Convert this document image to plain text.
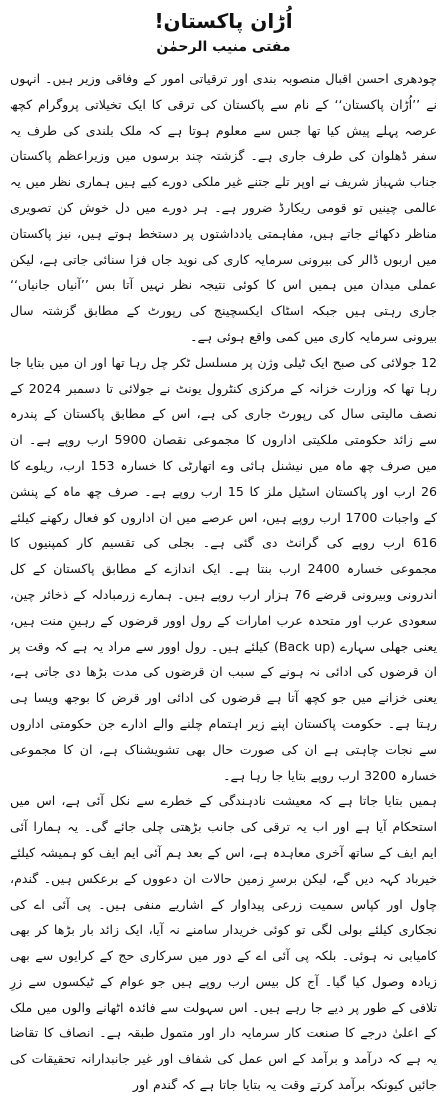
اُڑان پاکستان!
مفتی منیب الرحمٰن

چودھری احسن اقبال منصوبہ بندی اور ترقیاتی امور کے وفاقی وزیر ہیں۔ انہوں نے ’’اُڑان پاکستان‘‘ کے نام سے پاکستان کی ترقی کا ایک تخیلاتی پروگرام کچھ عرصہ پہلے پیش کیا تھا جس سے معلوم ہوتا ہے کہ ملک بلندی کی طرف یہ سفر ڈھلوان کی طرف جاری ہے۔ گزشتہ چند برسوں میں وزیراعظم پاکستان جناب شہباز شریف نے اوپر تلے جتنے غیر ملکی دورے کیے ہیں ہماری نظر میں یہ عالمی چینیں تو قومی ریکارڈ ضرور ہے۔ ہر دورے میں دل خوش کن تصویری مناظر دکھائے جاتے ہیں، مفاہمتی یادداشتوں پر دستخط ہوتے ہیں، نیز پاکستان میں اربوں ڈالر کی بیرونی سرمایہ کاری کی نوید جاں فزا سنائی جاتی ہے، لیکن عملی میدان میں ہمیں اس کا کوئی نتیجہ نظر نہیں آتا بس ’’آنیاں جانیاں‘‘ جاری رہتی ہیں جبکہ اسٹاک ایکسچینج کی رپورٹ کے مطابق گزشتہ سال بیرونی سرمایہ کاری میں کمی واقع ہوئی ہے۔

12 جولائی کی صبح ایک ٹیلی وژن پر مسلسل ٹکر چل رہا تھا اور ان میں بتایا جا رہا تھا کہ وزارت خزانہ کے مرکزی کنٹرول یونٹ نے جولائی تا دسمبر 2024 کے نصف مالیتی سال کی رپورٹ جاری کی ہے، اس کے مطابق پاکستان کے پندرہ سے زائد حکومتی ملکیتی اداروں کا مجموعی نقصان 5900 ارب روپے ہے۔ ان میں صرف چھ ماہ میں نیشنل ہائی وے اتھارٹی کا خسارہ 153 ارب، ریلوے کا 26 ارب اور پاکستان اسٹیل ملز کا 15 ارب روپے ہے۔ صرف چھ ماہ کے پنشن کے واجبات 1700 ارب روپے ہیں، اس عرصے میں ان اداروں کو فعال رکھنے کیلئے 616 ارب روپے کی گرانٹ دی گئی ہے۔ بجلی کی تقسیم کار کمپنیوں کا مجموعی خسارہ 2400 ارب بنتا ہے۔ ایک اندازے کے مطابق پاکستان کے کل اندرونی وبیرونی قرضے 76 ہزار ارب روپے ہیں۔ ہمارے زرمبادلہ کے ذخائر چین، سعودی عرب اور متحدہ عرب امارات کے رول اوور قرضوں کے رہینِ منت ہیں، یعنی جھلی سہارے (Back up) کیلئے ہیں۔ رول اوور سے مراد یہ ہے کہ وقت پر ان قرضوں کی ادائی نہ ہونے کے سبب ان قرضوں کی مدت بڑھا دی جاتی ہے، یعنی خزانے میں جو کچھ آتا ہے قرضوں کی ادائی اور قرض کا بوجھ ویسا ہی رہتا ہے۔ حکومت پاکستان اپنے زیر اہتمام چلنے والے ادارے جن حکومتی اداروں سے نجات چاہتی ہے ان کی صورت حال بھی تشویشناک ہے، ان کا مجموعی خسارہ 3200 ارب روپے بتایا جا رہا ہے۔

ہمیں بتایا جاتا ہے کہ معیشت نادہندگی کے خطرے سے نکل آئی ہے، اس میں استحکام آیا ہے اور اب یہ ترقی کی جانب بڑھتی چلی جائے گی۔ یہ ہمارا آئی ایم ایف کے ساتھ آخری معاہدہ ہے، اس کے بعد ہم آئی ایم ایف کو ہمیشہ کیلئے خیرباد کہہ دیں گے، لیکن برسرِ زمین حالات ان دعووں کے برعکس ہیں۔ گندم، چاول اور کپاس سمیت زرعی پیداوار کے اشاریے منفی ہیں۔ پی آئی اے کی نجکاری کیلئے بولی لگی تو کوئی خریدار سامنے نہ آیا، ایک زائد بار بڑھا کر بھی کامیابی نہ ہوئی۔ بلکہ پی آئی اے کے دور میں سرکاری حج کے کرایوں سے بھی زیادہ وصول کیا گیا۔ آج کل بیس ارب روپے ہیں جو عوام کے ٹیکسوں سے زرِ تلافی کے طور پر دیے جا رہے ہیں۔ اس سہولت سے فائدہ اٹھانے والوں میں ملک کے اعلیٰ درجے کا صنعت کار سرمایہ دار اور متمول طبقہ ہے۔ انصاف کا تقاضا یہ ہے کہ درآمد و برآمد کے اس عمل کی شفاف اور غیر جانبدارانہ تحقیقات کی جائیں کیونکہ برآمد کرتے وقت یہ بتایا جاتا ہے کہ گندم اور
